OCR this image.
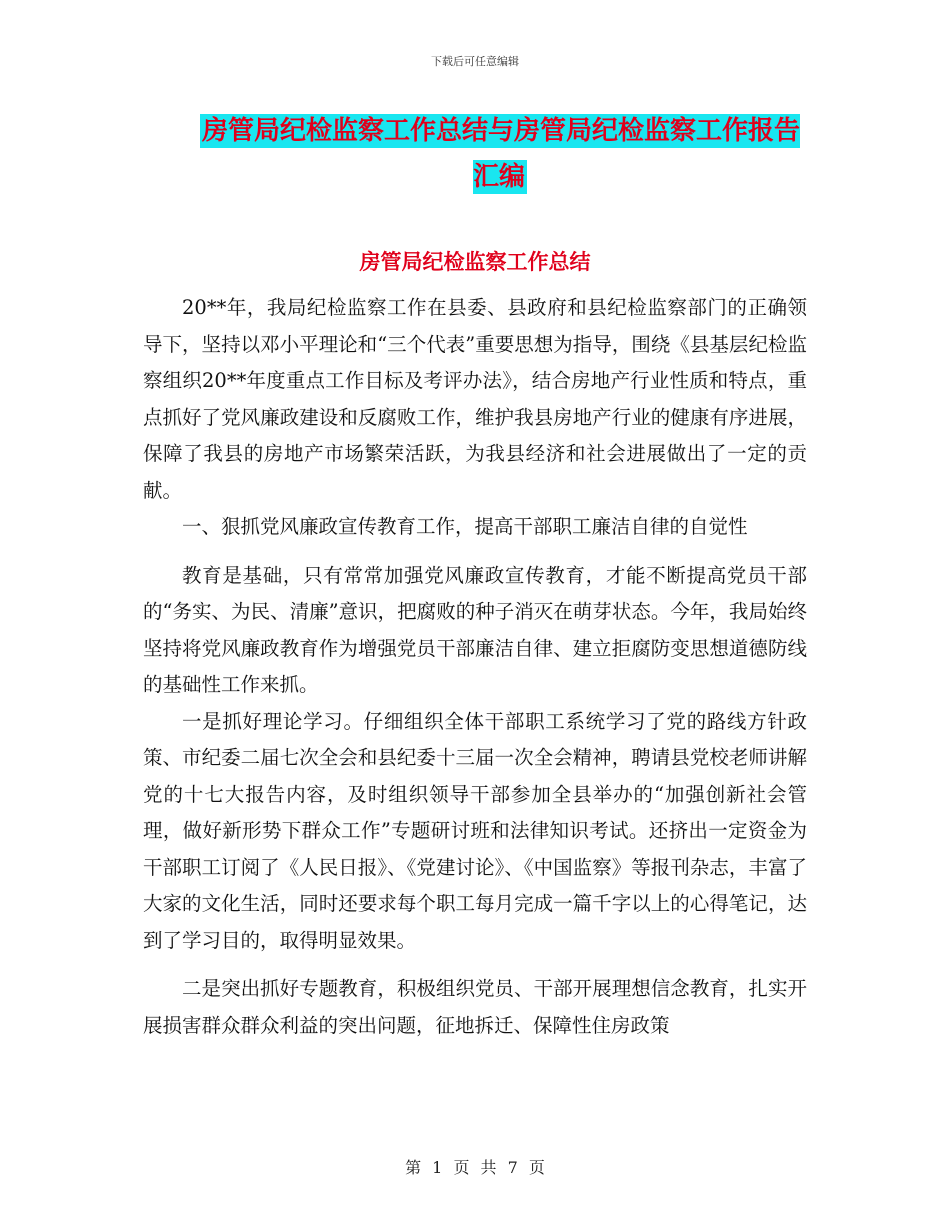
下载后可任意编辑
房管局纪检监察工作总结与房管局纪检监察工作报告汇编
房管局纪检监察工作总结

20**年，我局纪检监察工作在县委、县政府和县纪检监察部门的正确领导下，坚持以邓小平理论和“三个代表”重要思想为指导，围绕《县基层纪检监察组织20**年度重点工作目标及考评办法》，结合房地产行业性质和特点，重点抓好了党风廉政建设和反腐败工作，维护我县房地产行业的健康有序进展，保障了我县的房地产市场繁荣活跃，为我县经济和社会进展做出了一定的贡献。

一、狠抓党风廉政宣传教育工作，提高干部职工廉洁自律的自觉性

教育是基础，只有常常加强党风廉政宣传教育，才能不断提高党员干部的“务实、为民、清廉”意识，把腐败的种子消灭在萌芽状态。今年，我局始终坚持将党风廉政教育作为增强党员干部廉洁自律、建立拒腐防变思想道德防线的基础性工作来抓。

一是抓好理论学习。仔细组织全体干部职工系统学习了党的路线方针政策、市纪委二届七次全会和县纪委十三届一次全会精神，聘请县党校老师讲解党的十七大报告内容，及时组织领导干部参加全县举办的“加强创新社会管理，做好新形势下群众工作”专题研讨班和法律知识考试。还挤出一定资金为干部职工订阅了《人民日报》、《党建讨论》、《中国监察》等报刊杂志，丰富了大家的文化生活，同时还要求每个职工每月完成一篇千字以上的心得笔记，达到了学习目的，取得明显效果。

二是突出抓好专题教育，积极组织党员、干部开展理想信念教育，扎实开展损害群众群众利益的突出问题，征地拆迁、保障性住房政策

第 1 页 共 7 页
